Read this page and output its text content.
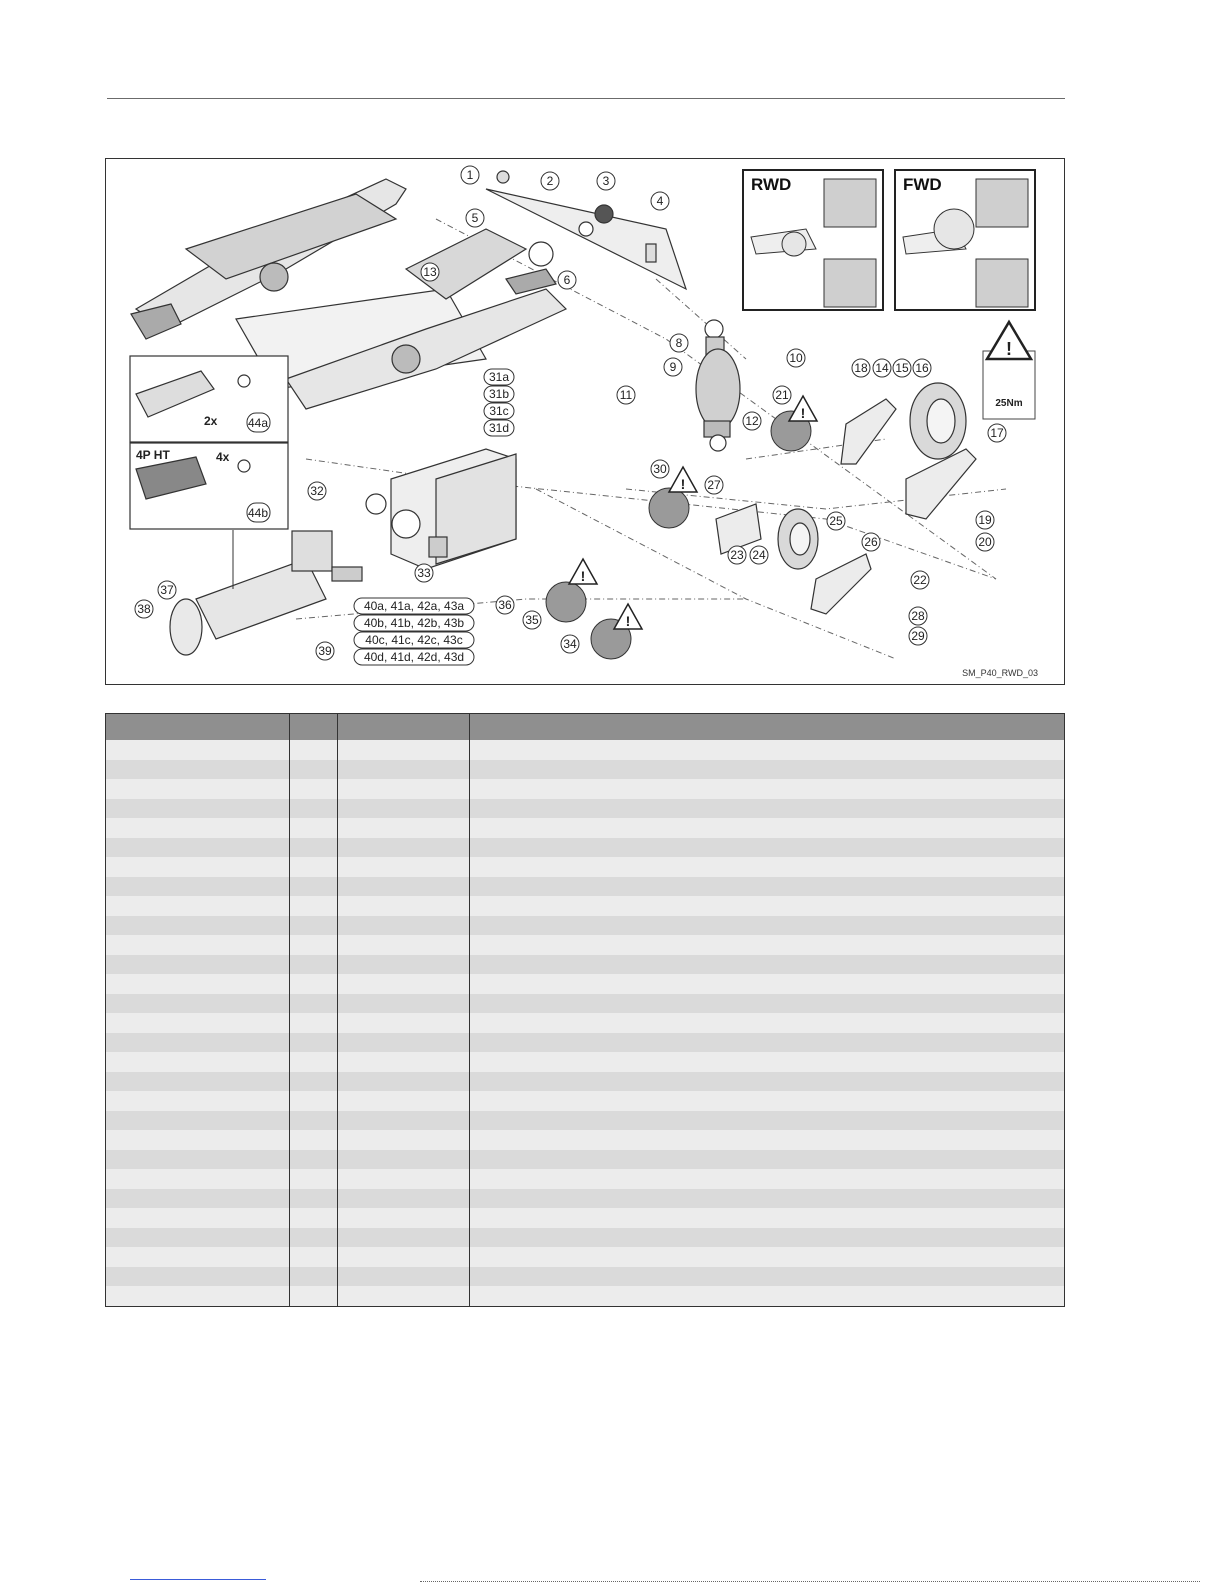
!
!
!
!
2x
4P HT	4x
RWD	FWD
!
25Nm
1	2	3
4
5
6
8
9
10
11
12
13
14 15 16
17
18
19
20
21
22
23 24
25
26
27
28
29
30
32
33
34
35
36
37
38
39
44a
44b
31a
31b
31c
31d
40a, 41a, 42a, 43a
40b, 41b, 42b, 43b
40c, 41c, 42c, 43c
40d, 41d, 42d, 43d
SM_P40_RWD_03
